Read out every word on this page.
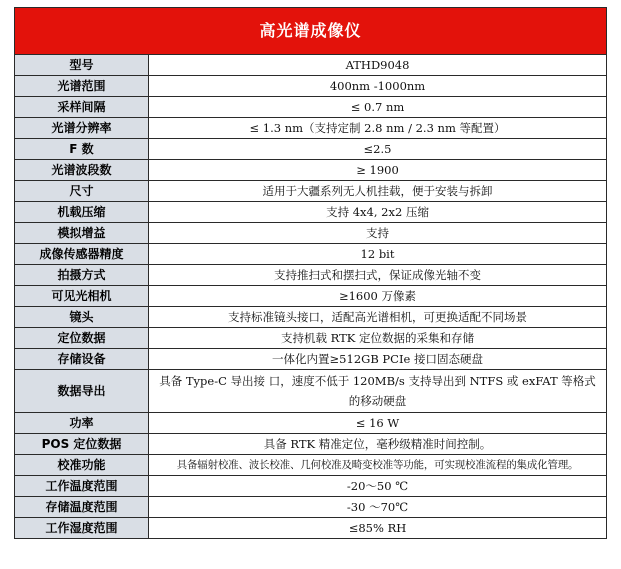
高光谱成像仪	
型号	ATHD9048
光谱范围	400nm -1000nm
采样间隔	≤ 0.7 nm
光谱分辨率	≤ 1.3 nm（支持定制 2.8 nm / 2.3 nm 等配置）
F 数	≤2.5
光谱波段数	≥ 1900
尺寸	适用于大疆系列无人机挂载，便于安装与拆卸
机载压缩	支持 4x4, 2x2 压缩
模拟增益	支持
成像传感器精度	12 bit
拍摄方式	支持推扫式和摆扫式，保证成像光轴不变
可见光相机	≥1600 万像素
镜头	支持标准镜头接口，适配高光谱相机，可更换适配不同场景
定位数据	支持机载 RTK 定位数据的采集和存储
存储设备	一体化内置≥512GB PCIe 接口固态硬盘
数据导出	具备 Type-C 导出接 口，速度不低于 120MB/s 支持导出到 NTFS 或 exFAT 等格式的移动硬盘
功率	≤ 16 W
POS 定位数据	具备 RTK 精准定位，毫秒级精准时间控制。
校准功能	具备辐射校准、波长校准、几何校准及畸变校准等功能，可实现校准流程的集成化管理。
工作温度范围	-20～50 ℃
存储温度范围	-30 ～70℃
工作湿度范围	≤85% RH
